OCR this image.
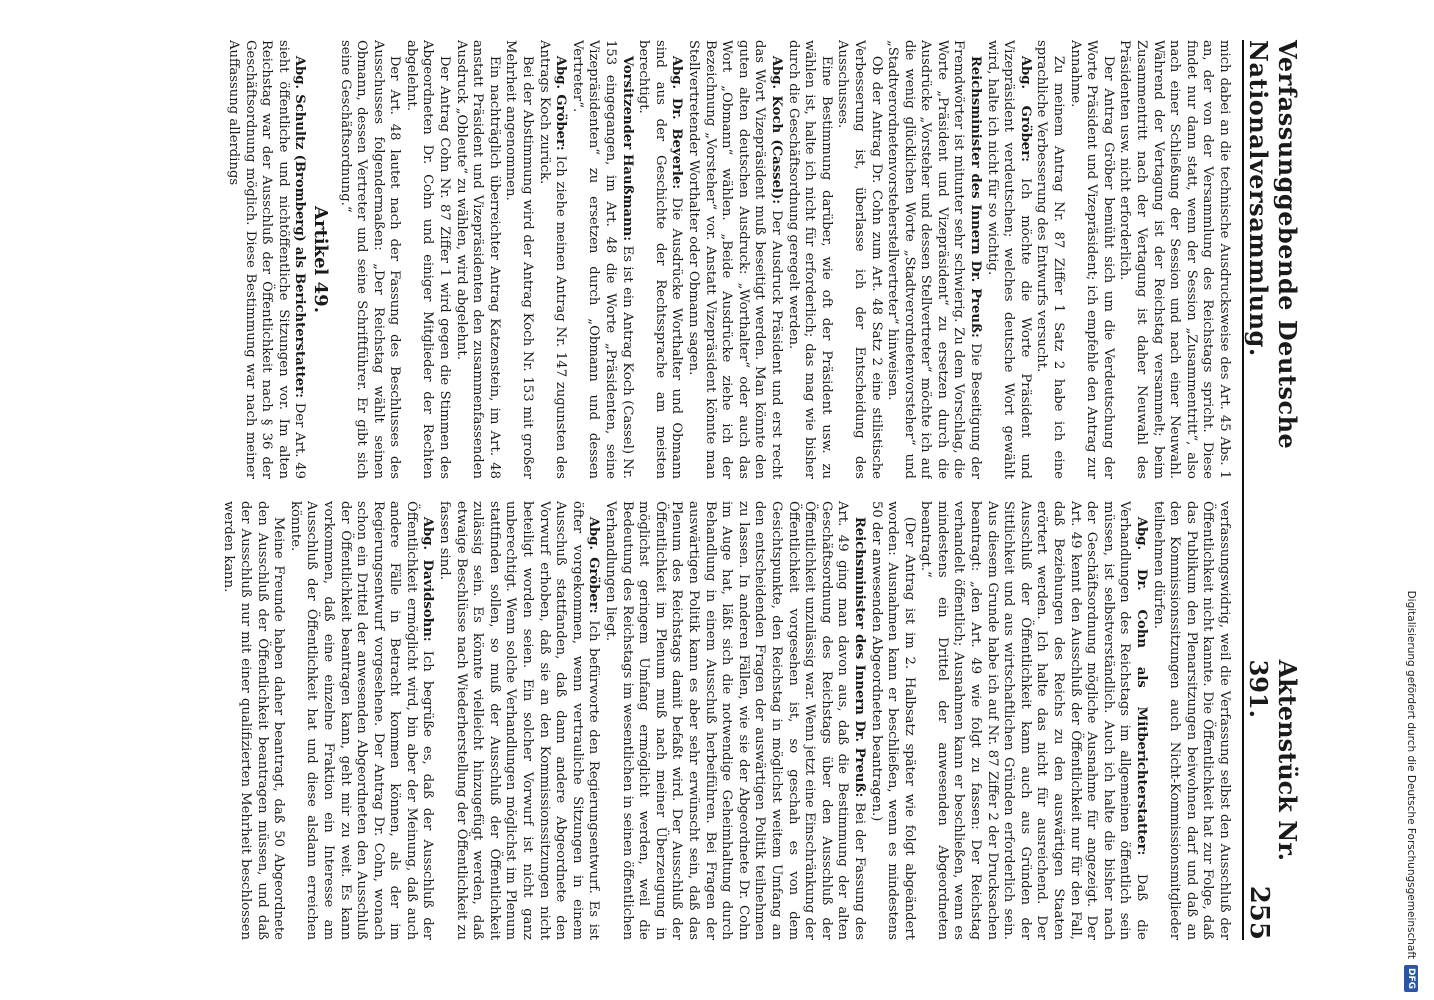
Verfassunggebende Deutsche Nationalversammlung.
Aktenstück Nr. 391.
255

mich dabei an die technische Ausdrucksweise des Art. 45 Abs. 1 an, der von der Versammlung des Reichstags spricht. Diese findet nur dann statt, wenn der Session „Zusammentritt“, also nach einer Schließung der Session und nach einer Neuwahl. Während der Vertagung ist der Reichstag versammelt; beim Zusammentritt nach der Vertagung ist daher Neuwahl des Präsidenten usw. nicht erforderlich.

Der Antrag Gröber bemüht sich um die Verdeutschung der Worte Präsident und Vizepräsident; ich empfehle den Antrag zur Annahme.

Zu meinem Antrag Nr. 87 Ziffer 1 Satz 2 habe ich eine sprachliche Verbesserung des Entwurfs versucht.

Abg. Gröber: Ich möchte die Worte Präsident und Vizepräsident verdeutschen; welches deutsche Wort gewählt wird, halte ich nicht für so wichtig.

Reichsminister des Innern Dr. Preuß: Die Beseitigung der Fremdwörter ist mitunter sehr schwierig. Zu dem Vorschlag, die Worte „Präsident und Vizepräsident“ zu ersetzen durch die Ausdrücke „Vorsteher und dessen Stellvertreter“ möchte ich auf die wenig glücklichen Worte „Stadtverordnetenvorsteher“ und „Stadtverordnetenvorsteherstellvertreter“ hinweisen.

Ob der Antrag Dr. Cohn zum Art. 48 Satz 2 eine stilistische Verbesserung ist, überlasse ich der Entscheidung des Ausschusses.

Eine Bestimmung darüber, wie oft der Präsident usw. zu wählen ist, halte ich nicht für erforderlich; das mag wie bisher durch die Geschäftsordnung geregelt werden.

Abg. Koch (Cassel): Der Ausdruck Präsident und erst recht das Wort Vizepräsident muß beseitigt werden. Man könnte den guten alten deutschen Ausdruck: „Worthalter“ oder auch das Wort „Obmann“ wählen. „Beide Ausdrücke ziehe ich der Bezeichnung „Vorsteher“ vor. Anstatt Vizepräsident könnte man Stellvertretender Worthalter oder Obmann sagen.

Abg. Dr. Beyerle: Die Ausdrücke Worthalter und Obmann sind aus der Geschichte der Rechtssprache am meisten berechtigt.

Vorsitzender Haußmann: Es ist ein Antrag Koch (Cassel) Nr. 153 eingegangen, im Art. 48 die Worte „Präsidenten, seine Vizepräsidenten“ zu ersetzen durch „Obmann und dessen Vertreter“.

Abg. Gröber: Ich ziehe meinen Antrag Nr. 147 zugunsten des Antrags Koch zurück.

Bei der Abstimmung wird der Antrag Koch Nr. 153 mit großer Mehrheit angenommen.

Ein nachträglich überreichter Antrag Katzenstein, im Art. 48 anstatt Präsident und Vizepräsidenten den zusammenfassenden Ausdruck „Obleute“ zu wählen, wird abgelehnt.

Der Antrag Cohn Nr. 87 Ziffer 1 wird gegen die Stimmen des Abgeordneten Dr. Cohn und einiger Mitglieder der Rechten abgelehnt.

Der Art. 48 lautet nach der Fassung des Beschlusses des Ausschusses folgendermaßen: „Der Reichstag wählt seinen Obmann, dessen Vertreter und seine Schriftführer. Er gibt sich seine Geschäftsordnung.“

Artikel 49.

Abg. Schultz (Bromberg) als Berichterstatter: Der Art. 49 sieht öffentliche und nichtöffentliche Sitzungen vor. Im alten Reichstag war der Ausschluß der Öffentlichkeit nach § 36 der Geschäftsordnung möglich. Diese Bestimmung war nach meiner Auffassung allerdings

verfassungswidrig, weil die Verfassung selbst den Ausschluß der Öffentlichkeit nicht kannte. Die Öffentlichkeit hat zur Folge, daß das Publikum den Plenarsitzungen beiwohnen darf und daß an den Kommissionssitzungen auch Nicht-Kommissionsmitglieder teilnehmen dürfen.

Abg. Dr. Cohn als Mitberichterstatter: Daß die Verhandlungen des Reichstags im allgemeinen öffentlich sein müssen, ist selbstverständlich. Auch ich halte die bisher nach der Geschäftsordnung mögliche Ausnahme für angezeigt. Der Art. 49 kennt den Ausschluß der Öffentlichkeit nur für den Fall, daß Beziehungen des Reichs zu den auswärtigen Staaten erörtert werden. Ich halte das nicht für ausreichend. Der Ausschluß der Öffentlichkeit kann auch aus Gründen der Sittlichkeit und aus wirtschaftlichen Gründen erforderlich sein. Aus diesem Grunde habe ich auf Nr. 87 Ziffer 2 der Drucksachen beantragt: „den Art. 49 wie folgt zu fassen: Der Reichstag verhandelt öffentlich; Ausnahmen kann er beschließen, wenn es mindestens ein Drittel der anwesenden Abgeordneten beantragt.“

(Der Antrag ist im 2. Halbsatz später wie folgt abgeändert worden: Ausnahmen kann er beschließen, wenn es mindestens 50 der anwesenden Abgeordneten beantragen.)

Reichsminister des Innern Dr. Preuß: Bei der Fassung des Art. 49 ging man davon aus, daß die Bestimmung der alten Geschäftsordnung des Reichstags über den Ausschluß der Öffentlichkeit unzulässig war. Wenn jetzt eine Einschränkung der Öffentlichkeit vorgesehen ist, so geschah es von dem Gesichtspunkte, den Reichstag in möglichst weitem Umfang an den entscheidenden Fragen der auswärtigen Politik teilnehmen zu lassen. In anderen Fällen, wie sie der Abgeordnete Dr. Cohn im Auge hat, läßt sich die notwendige Geheimhaltung durch Behandlung in einem Ausschuß herbeiführen. Bei Fragen der auswärtigen Politik kann es aber sehr erwünscht sein, daß das Plenum des Reichstags damit befaßt wird. Der Ausschluß der Öffentlichkeit im Plenum muß nach meiner Überzeugung in möglichst geringem Umfang ermöglicht werden, weil die Bedeutung des Reichstags im wesentlichen in seinen öffentlichen Verhandlungen liegt.

Abg. Gröber: Ich befürworte den Regierungsentwurf. Es ist öfter vorgekommen, wenn vertrauliche Sitzungen in einem Ausschuß stattfanden, daß dann andere Abgeordnete den Vorwurf erhoben, daß sie an den Kommissionssitzungen nicht beteiligt worden seien. Ein solcher Vorwurf ist nicht ganz unberechtigt. Wenn solche Verhandlungen möglichst im Plenum stattfinden sollen, so muß der Ausschluß der Öffentlichkeit zulässig sein. Es könnte vielleicht hinzugefügt werden, daß etwaige Beschlüsse nach Wiederherstellung der Öffentlichkeit zu fassen sind.

Abg. Davidsohn: Ich begrüße es, daß der Ausschluß der Öffentlichkeit ermöglicht wird, bin aber der Meinung, daß auch andere Fälle in Betracht kommen können, als der im Regierungsentwurf vorgesehene. Der Antrag Dr. Cohn, wonach schon ein Drittel der anwesenden Abgeordneten den Ausschluß der Öffentlichkeit beantragen kann, geht mir zu weit. Es kann vorkommen, daß eine einzelne Fraktion ein Interesse am Ausschluß der Öffentlichkeit hat und diese alsdann erreichen könnte.

Meine Freunde haben daher beantragt, daß 50 Abgeordnete den Ausschluß der Öffentlichkeit beantragen müssen, und daß der Ausschluß nur mit einer qualifizierten Mehrheit beschlossen werden kann.

Digitalisierung gefördert durch die Deutsche Forschungsgemeinschaft
DFG
